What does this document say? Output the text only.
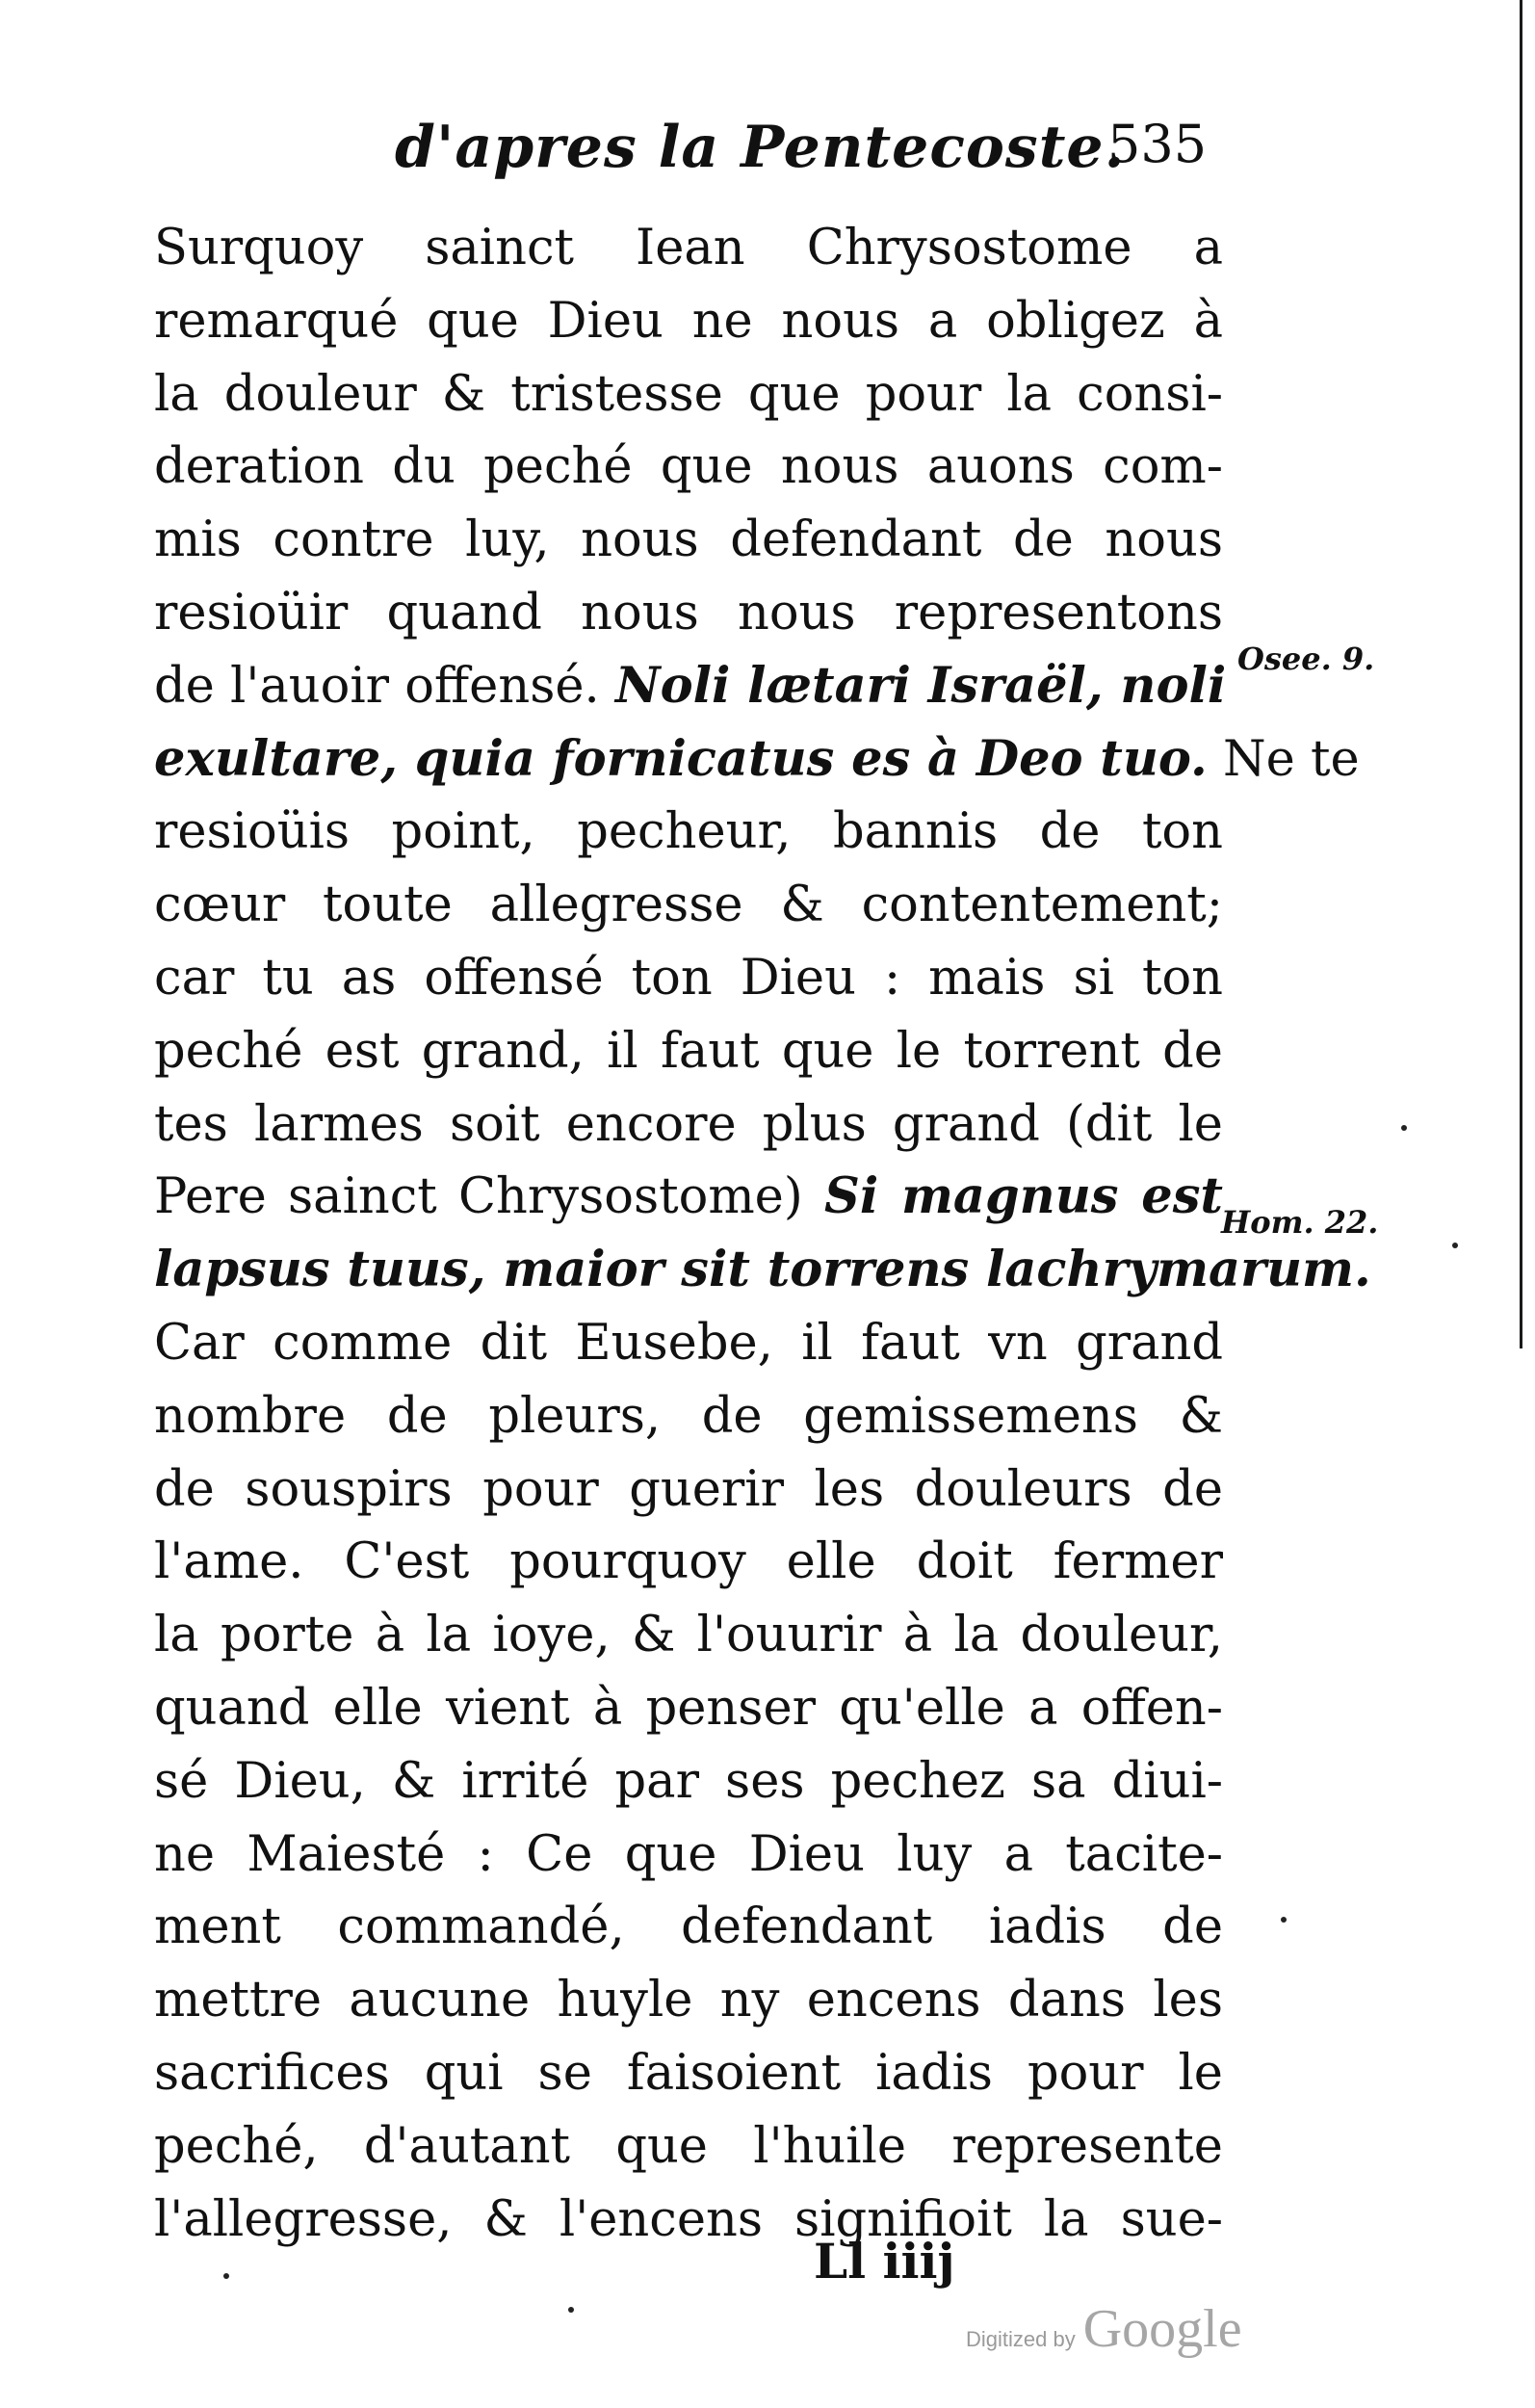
d'apres la Pentecoste.
535
Surquoy sainct Iean Chrysostome a
remarqué que Dieu ne nous a obligez à
la douleur & tristesse que pour la consi-
deration du peché que nous auons com-
mis contre luy, nous defendant de nous
resioüir quand nous nous representons
de l'auoir offensé. Noli lætari Israël, noli
exultare, quia fornicatus es à Deo tuo. Ne te
resioüis point, pecheur, bannis de ton
cœur toute allegresse & contentement;
car tu as offensé ton Dieu : mais si ton
peché est grand, il faut que le torrent de
tes larmes soit encore plus grand (dit le
Pere sainct Chrysostome) Si magnus est
lapsus tuus, maior sit torrens lachrymarum.
Car comme dit Eusebe, il faut vn grand
nombre de pleurs, de gemissemens &
de souspirs pour guerir les douleurs de
l'ame. C'est pourquoy elle doit fermer
la porte à la ioye, & l'ouurir à la douleur,
quand elle vient à penser qu'elle a offen-
sé Dieu, & irrité par ses pechez sa diui-
ne Maiesté : Ce que Dieu luy a tacite-
ment commandé, defendant iadis de
mettre aucune huyle ny encens dans les
sacrifices qui se faisoient iadis pour le
peché, d'autant que l'huile represente
l'allegresse, & l'encens signifioit la sue-
Osee. 9.
Hom. 22.
Ll iiij
Digitized by Google
